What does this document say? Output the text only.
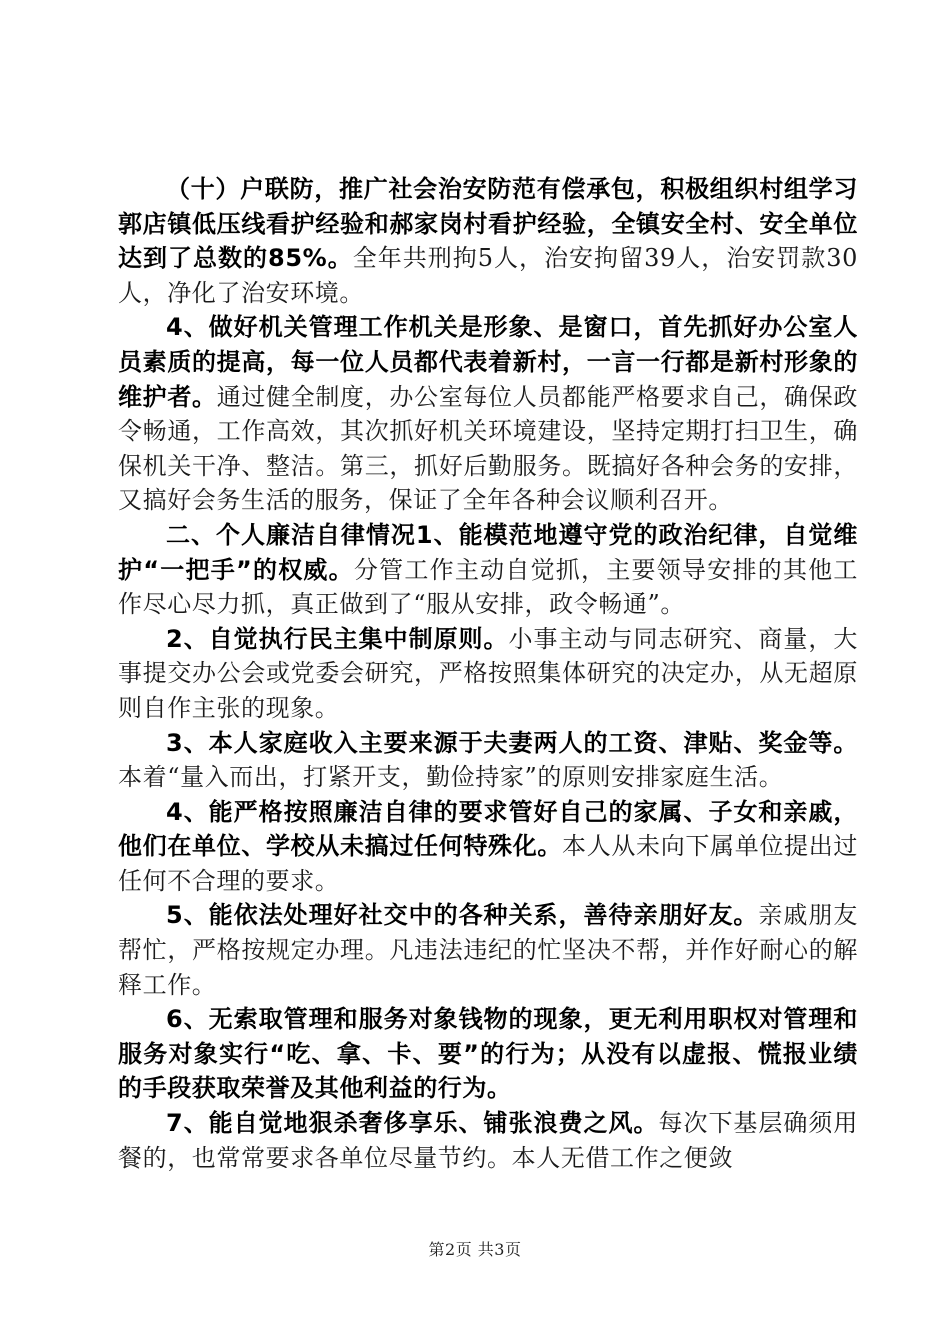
（十）户联防，推广社会治安防范有偿承包，积极组织村组学习郭店镇低压线看护经验和郝家岗村看护经验，全镇安全村、安全单位达到了总数的85%。全年共刑拘5人，治安拘留39人，治安罚款30人，净化了治安环境。

4、做好机关管理工作机关是形象、是窗口，首先抓好办公室人员素质的提高，每一位人员都代表着新村，一言一行都是新村形象的维护者。通过健全制度，办公室每位人员都能严格要求自己，确保政令畅通，工作高效，其次抓好机关环境建设，坚持定期打扫卫生，确保机关干净、整洁。第三，抓好后勤服务。既搞好各种会务的安排，又搞好会务生活的服务，保证了全年各种会议顺利召开。

二、个人廉洁自律情况1、能模范地遵守党的政治纪律，自觉维护“一把手”的权威。分管工作主动自觉抓，主要领导安排的其他工作尽心尽力抓，真正做到了“服从安排，政令畅通”。

2、自觉执行民主集中制原则。小事主动与同志研究、商量，大事提交办公会或党委会研究，严格按照集体研究的决定办，从无超原则自作主张的现象。

3、本人家庭收入主要来源于夫妻两人的工资、津贴、奖金等。本着“量入而出，打紧开支，勤俭持家”的原则安排家庭生活。

4、能严格按照廉洁自律的要求管好自己的家属、子女和亲戚，他们在单位、学校从未搞过任何特殊化。本人从未向下属单位提出过任何不合理的要求。

5、能依法处理好社交中的各种关系，善待亲朋好友。亲戚朋友帮忙，严格按规定办理。凡违法违纪的忙坚决不帮，并作好耐心的解释工作。

6、无索取管理和服务对象钱物的现象，更无利用职权对管理和服务对象实行“吃、拿、卡、要”的行为；从没有以虚报、慌报业绩的手段获取荣誉及其他利益的行为。

7、能自觉地狠杀奢侈享乐、铺张浪费之风。每次下基层确须用餐的，也常常要求各单位尽量节约。本人无借工作之便敛

第2页 共3页
